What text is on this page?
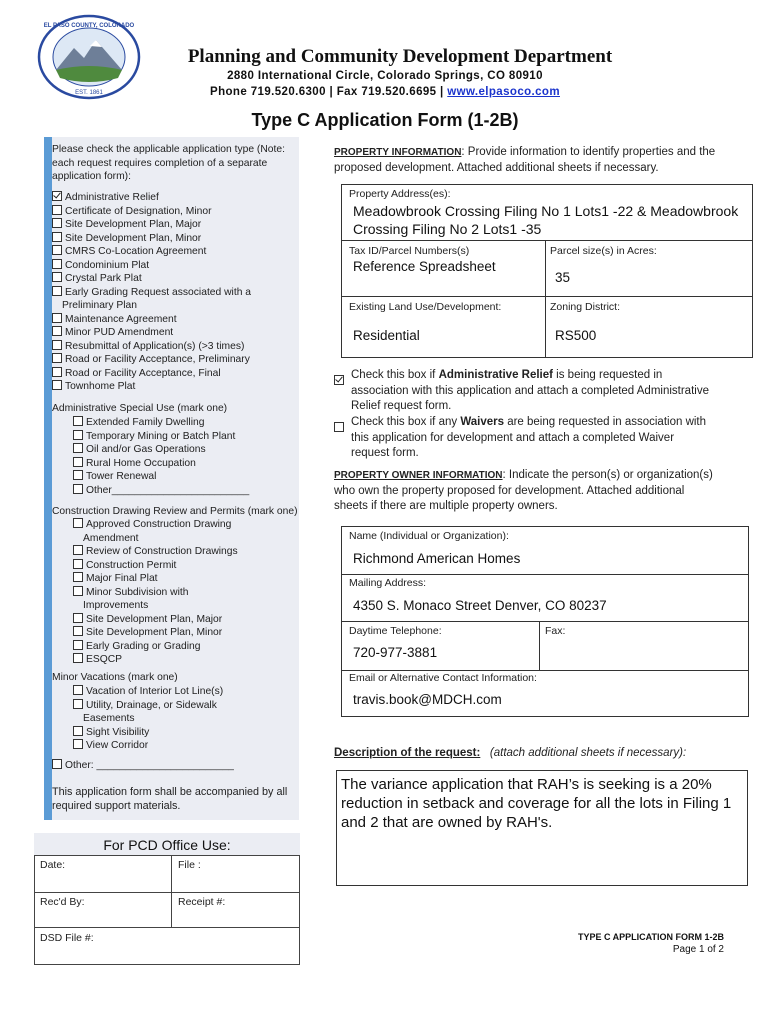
EL PASO COUNTY, COLORADO
EST. 1861
Planning and Community Development Department
2880 International Circle, Colorado Springs, CO 80910
Phone 719.520.6300 | Fax 719.520.6695 | www.elpasoco.com
Type C Application Form (1-2B)
Please check the applicable application type (Note: each request requires completion of a separate application form):
Administrative Relief
Certificate of Designation, Minor
Site Development Plan, Major
Site Development Plan, Minor
CMRS Co-Location Agreement
Condominium Plat
Crystal Park Plat
Early Grading Request associated with a
Preliminary Plan
Maintenance Agreement
Minor PUD Amendment
Resubmittal of Application(s) (>3 times)
Road or Facility Acceptance, Preliminary
Road or Facility Acceptance, Final
Townhome Plat
Administrative Special Use (mark one)
Extended Family Dwelling
Temporary Mining or Batch Plant
Oil and/or Gas Operations
Rural Home Occupation
Tower Renewal
Other________________________
Construction Drawing Review and Permits (mark one)
Approved Construction Drawing
Amendment
Review of Construction Drawings
Construction Permit
Major Final Plat
Minor Subdivision with
Improvements
Site Development Plan, Major
Site Development Plan, Minor
Early Grading or Grading
ESQCP
Minor Vacations (mark one)
Vacation of Interior Lot Line(s)
Utility, Drainage, or Sidewalk
Easements
Sight Visibility
View Corridor
Other: ________________________
This application form shall be accompanied by all required support materials.
For PCD Office Use:
Date:	File :
Rec'd By:	Receipt #:
DSD File #:
PROPERTY INFORMATION: Provide information to identify properties and the proposed development. Attached additional sheets if necessary.
Property Address(es):
Meadowbrook Crossing Filing No 1 Lots1 -22 & Meadowbrook Crossing Filing No 2 Lots1 -35
Tax ID/Parcel Numbers(s)
Reference Spreadsheet
Parcel size(s) in Acres:
35
Existing Land Use/Development:
Residential
Zoning District:
RS500
Check this box if Administrative Relief is being requested in association with this application and attach a completed Administrative Relief request form.
Check this box if any Waivers are being requested in association with this application for development and attach a completed Waiver request form.
PROPERTY OWNER INFORMATION: Indicate the person(s) or organization(s) who own the property proposed for development. Attached additional sheets if there are multiple property owners.
Name (Individual or Organization):
Richmond American Homes
Mailing Address:
4350 S. Monaco Street Denver, CO 80237
Daytime Telephone:
720-977-3881
Fax:
Email or Alternative Contact Information:
travis.book@MDCH.com
Description of the request: (attach additional sheets if necessary):
The variance application that RAH’s is seeking is a 20% reduction in setback and coverage for all the lots in Filing 1 and 2 that are owned by RAH's.
TYPE C APPLICATION FORM 1-2B
Page 1 of 2
